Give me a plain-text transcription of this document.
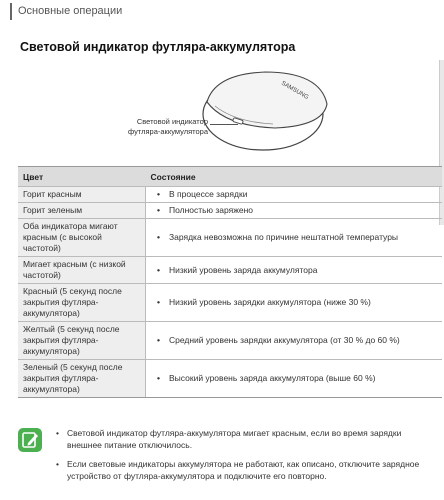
Основные операции
Световой индикатор футляра-аккумулятора
SAMSUNG
Световой индикатор футляра-аккумулятора
Цвет	Состояние
Горит красным	• В процессе зарядки
Горит зеленым	• Полностью заряжено
Оба индикатора мигают красным (с высокой частотой)	• Зарядка невозможна по причине нештатной температуры
Мигает красным (с низкой частотой)	• Низкий уровень заряда аккумулятора
Красный (5 секунд после закрытия футляра-аккумулятора)	• Низкий уровень зарядки аккумулятора (ниже 30 %)
Желтый (5 секунд после закрытия футляра-аккумулятора)	• Средний уровень зарядки аккумулятора (от 30 % до 60 %)
Зеленый (5 секунд после закрытия футляра-аккумулятора)	• Высокий уровень заряда аккумулятора (выше 60 %)
• Световой индикатор футляра-аккумулятора мигает красным, если во время зарядки внешнее питание отключилось.
• Если световые индикаторы аккумулятора не работают, как описано, отключите зарядное устройство от футляра-аккумулятора и подключите его повторно.
